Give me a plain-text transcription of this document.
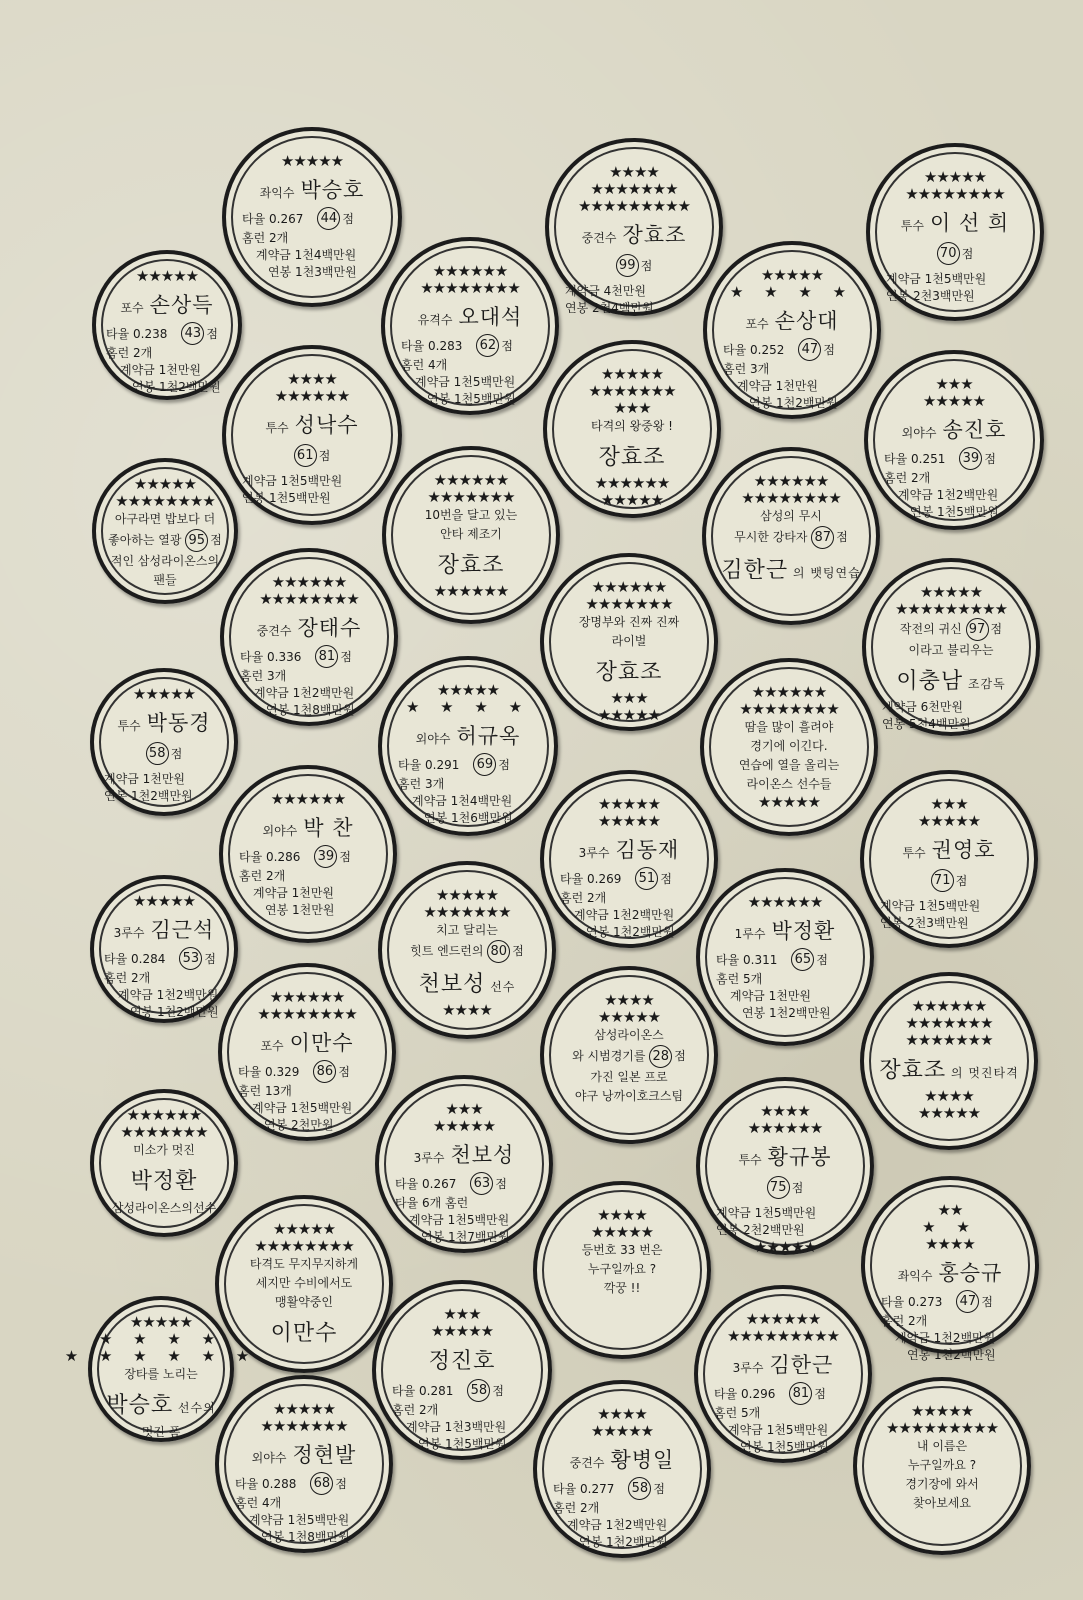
★★★★★
좌익수 박승호
타율 0.267 44 점
홈런 2개
계약금 1천4백만원
연봉 1천3백만원
★★★★
★★★★★★★
★★★★★★★★★
중견수 장효조
99 점
계약금 4천만원
연봉 2천4백만원
★★★★★
★★★★★★★★
투수 이 선 희
70 점
계약금 1천5백만원
연봉 2천3백만원
★★★★★
포수 손상득
타율 0.238 43 점
홈런 2개
계약금 1천만원
연봉 1천2백만원
★★★★★★
★★★★★★★★
유격수 오대석
타율 0.283 62 점
홈런 4개
계약금 1천5백만원
연봉 1천5백만원
★★★★★
★ ★ ★ ★
포수 손상대
타율 0.252 47 점
홈런 3개
계약금 1천만원
연봉 1천2백만원
★★★★
★★★★★★
투수 성낙수
61 점
계약금 1천5백만원
연봉 1천5백만원
★★★★★
★★★★★★★
★★★
타격의 왕중왕 !
장효조
★★★★★★
★★★★★
★★★
★★★★★
외야수 송진호
타율 0.251 39 점
홈런 2개
계약금 1천2백만원
연봉 1천5백만원
★★★★★
★★★★★★★★
아구라면 밥보다 더
좋아하는 열광 95 점
적인 삼성라이온스의
팬들
★★★★★★
★★★★★★★
10번을 달고 있는
안타 제조기
장효조
★★★★★★
★★★★★★
★★★★★★★★
삼성의 무시
무시한 강타자 87 점
김한근 의 뱃팅연습
★★★★★★
★★★★★★★★
중견수 장태수
타율 0.336 81 점
홈런 3개
계약금 1천2백만원
연봉 1천8백만원
★★★★★★
★★★★★★★
장명부와 진짜 진짜
라이벌
장효조
★★★
★★★★★
★★★★★
★★★★★★★★★
작전의 귀신 97 점
이라고 불리우는
이충남 조감독
계약금 6천만원
연봉 5천4백만원
★★★★★
투수 박동경
58 점
계약금 1천만원
연봉 1천2백만원
★★★★★
★ ★ ★ ★
외야수 허규옥
타율 0.291 69 점
홈런 3개
계약금 1천4백만원
연봉 1천6백만원
★★★★★★
★★★★★★★★
땀을 많이 흘려야
경기에 이긴다.
연습에 열을 올리는
라이온스 선수들
★★★★★
★★★★★★
외야수 박 찬
타율 0.286 39 점
홈런 2개
계약금 1천만원
연봉 1천만원
★★★★★
★★★★★
3루수 김동재
타율 0.269 51 점
홈런 2개
계약금 1천2백만원
연봉 1천2백만원
★★★
★★★★★
투수 권영호
71 점
계약금 1천5백만원
연봉 2천3백만원
★★★★★
3루수 김근석
타율 0.284 53 점
홈런 2개
계약금 1천2백만원
연봉 1천2백만원
★★★★★
★★★★★★★
치고 달리는
힛트 엔드런의 80 점
천보성 선수
★★★★
★★★★★★
1루수 박정환
타율 0.311 65 점
홈런 5개
계약금 1천만원
연봉 1천2백만원
★★★★★★
★★★★★★★★
포수 이만수
타율 0.329 86 점
홈런 13개
계약금 1천5백만원
연봉 2천만원
★★★★
★★★★★
삼성라이온스
와 시범경기를 28 점
가진 일본 프로
야구 낭까이호크스팀
★★★★★★
★★★★★★★
★★★★★★★
장효조 의 멋진타격
★★★★
★★★★★
★★★★★★
★★★★★★★
미소가 멋진
박정환
삼성라이온스의선수
★★★
★★★★★
3루수 천보성
타율 0.267 63 점
타율 6개 홈런
계약금 1천5백만원
연봉 1천7백만원
★★★★
★★★★★★
투수 황규봉
75 점
계약금 1천5백만원
연봉 2천2백만원
★★★★★
★★★★★
★★★★★★★★
타격도 무지무지하게
세지만 수비에서도
맹활약중인
이만수
★★★★
★★★★★
등번호 33 번은
누구일까요 ?
깍꿍 !!
★★
★ ★
★★★★
좌익수 홍승규
타율 0.273 47 점
홈런 2개
계약금 1천2백만원
연봉 1천2백만원
★★★★★
★ ★ ★ ★
★ ★ ★ ★ ★ ★
장타를 노리는
박승호 선수의
멋진 폼
★★★
★★★★★
정진호
타율 0.281 58 점
홈런 2개
계약금 1천3백만원
연봉 1천5백만원
★★★★★★
★★★★★★★★★
3루수 김한근
타율 0.296 81 점
홈런 5개
계약금 1천5백만원
연봉 1천5백만원
★★★★★
★★★★★★★
외야수 정현발
타율 0.288 68 점
홈런 4개
계약금 1천5백만원
연봉 1천8백만원
★★★★
★★★★★
중견수 황병일
타율 0.277 58 점
홈런 2개
계약금 1천2백만원
연봉 1천2백만원
★★★★★
★★★★★★★★★
내 이름은
누구일까요 ?
경기장에 와서
찾아보세요
